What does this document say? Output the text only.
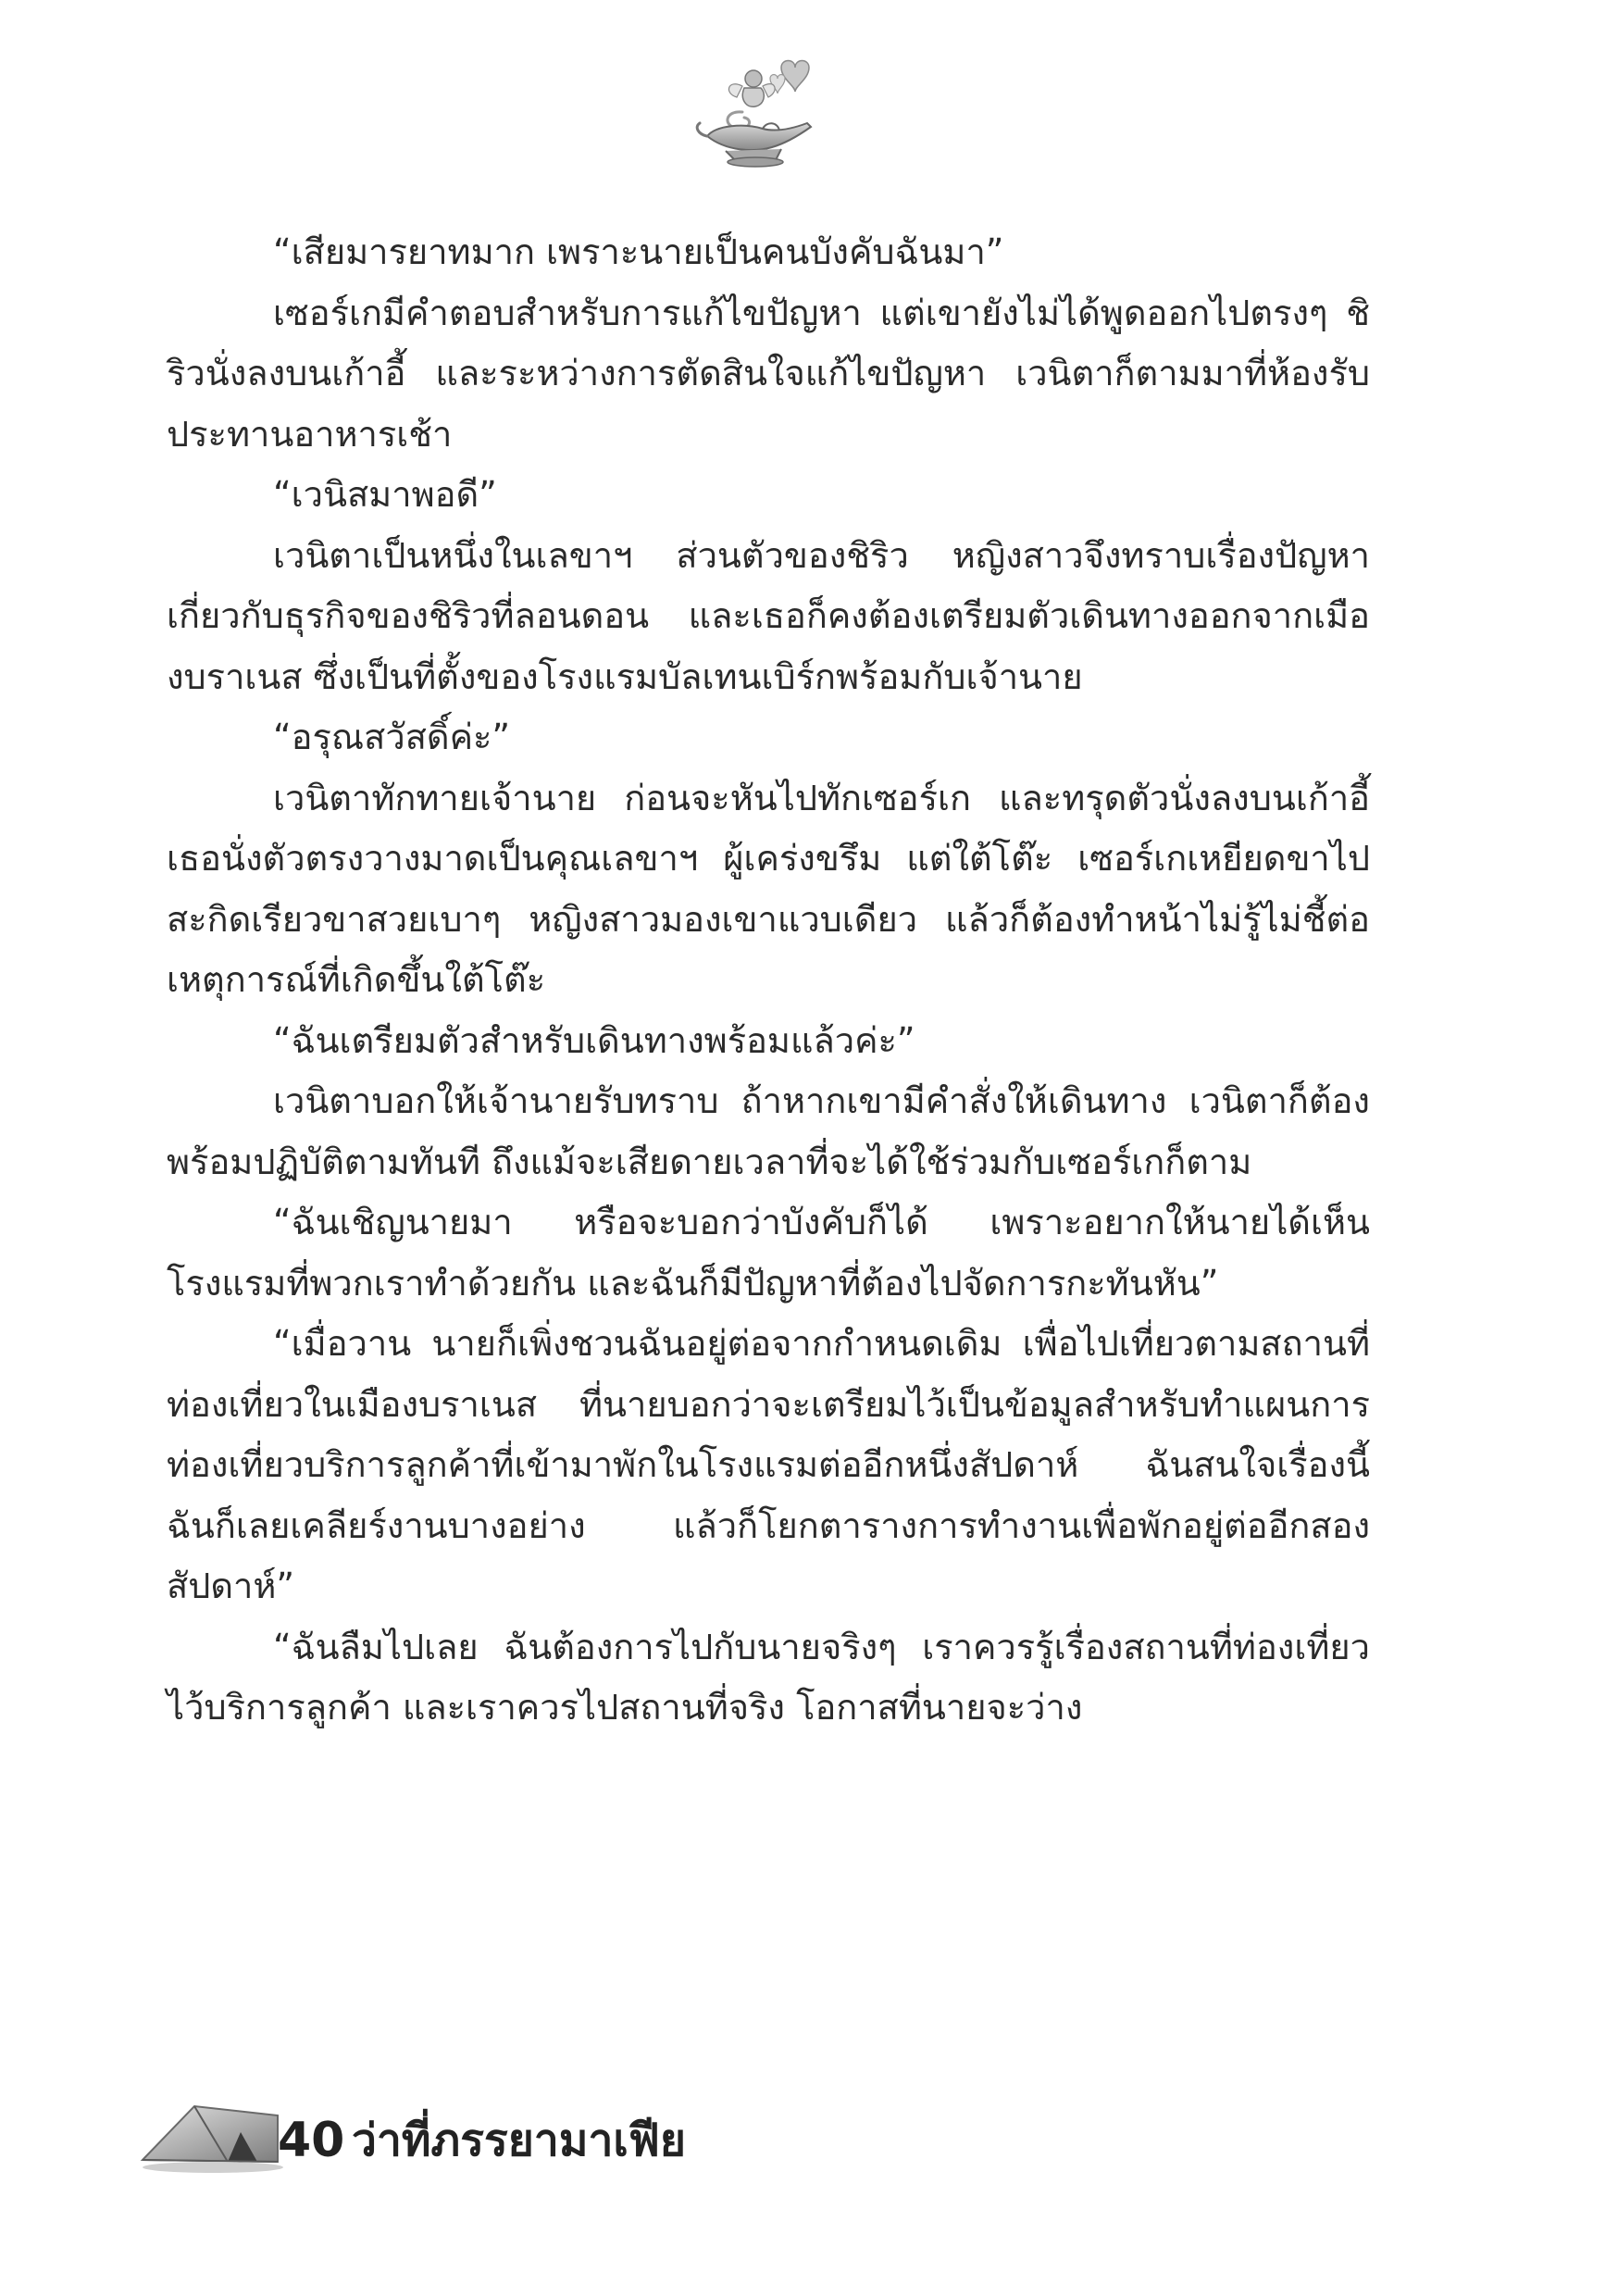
“เสียมารยาทมาก เพราะนายเป็นคนบังคับฉันมา”

เซอร์เกมีคำตอบสำหรับการแก้ไขปัญหา แต่เขายังไม่ได้พูดออกไปตรงๆ ชิริวนั่งลงบนเก้าอี้ และระหว่างการตัดสินใจแก้ไขปัญหา เวนิตาก็ตามมาที่ห้องรับประทานอาหารเช้า

“เวนิสมาพอดี”

เวนิตาเป็นหนึ่งในเลขาฯ ส่วนตัวของชิริว หญิงสาวจึงทราบเรื่องปัญหาเกี่ยวกับธุรกิจของชิริวที่ลอนดอน และเธอก็คงต้องเตรียมตัวเดินทางออกจากเมืองบราเนส ซึ่งเป็นที่ตั้งของโรงแรมบัลเทนเบิร์กพร้อมกับเจ้านาย

“อรุณสวัสดิ์ค่ะ”

เวนิตาทักทายเจ้านาย ก่อนจะหันไปทักเซอร์เก และทรุดตัวนั่งลงบนเก้าอี้ เธอนั่งตัวตรงวางมาดเป็นคุณเลขาฯ ผู้เคร่งขรึม แต่ใต้โต๊ะ เซอร์เกเหยียดขาไปสะกิดเรียวขาสวยเบาๆ หญิงสาวมองเขาแวบเดียว แล้วก็ต้องทำหน้าไม่รู้ไม่ชี้ต่อเหตุการณ์ที่เกิดขึ้นใต้โต๊ะ

“ฉันเตรียมตัวสำหรับเดินทางพร้อมแล้วค่ะ”

เวนิตาบอกให้เจ้านายรับทราบ ถ้าหากเขามีคำสั่งให้เดินทาง เวนิตาก็ต้องพร้อมปฏิบัติตามทันที ถึงแม้จะเสียดายเวลาที่จะได้ใช้ร่วมกับเซอร์เกก็ตาม

“ฉันเชิญนายมา หรือจะบอกว่าบังคับก็ได้ เพราะอยากให้นายได้เห็นโรงแรมที่พวกเราทำด้วยกัน และฉันก็มีปัญหาที่ต้องไปจัดการกะทันหัน”

“เมื่อวาน นายก็เพิ่งชวนฉันอยู่ต่อจากกำหนดเดิม เพื่อไปเที่ยวตามสถานที่ท่องเที่ยวในเมืองบราเนส ที่นายบอกว่าจะเตรียมไว้เป็นข้อมูลสำหรับทำแผนการท่องเที่ยวบริการลูกค้าที่เข้ามาพักในโรงแรมต่ออีกหนึ่งสัปดาห์ ฉันสนใจเรื่องนี้ ฉันก็เลยเคลียร์งานบางอย่าง แล้วก็โยกตารางการทำงานเพื่อพักอยู่ต่ออีกสองสัปดาห์”

“ฉันลืมไปเลย ฉันต้องการไปกับนายจริงๆ เราควรรู้เรื่องสถานที่ท่องเที่ยวไว้บริการลูกค้า และเราควรไปสถานที่จริง โอกาสที่นายจะว่าง

40 ว่าที่ภรรยามาเฟีย
